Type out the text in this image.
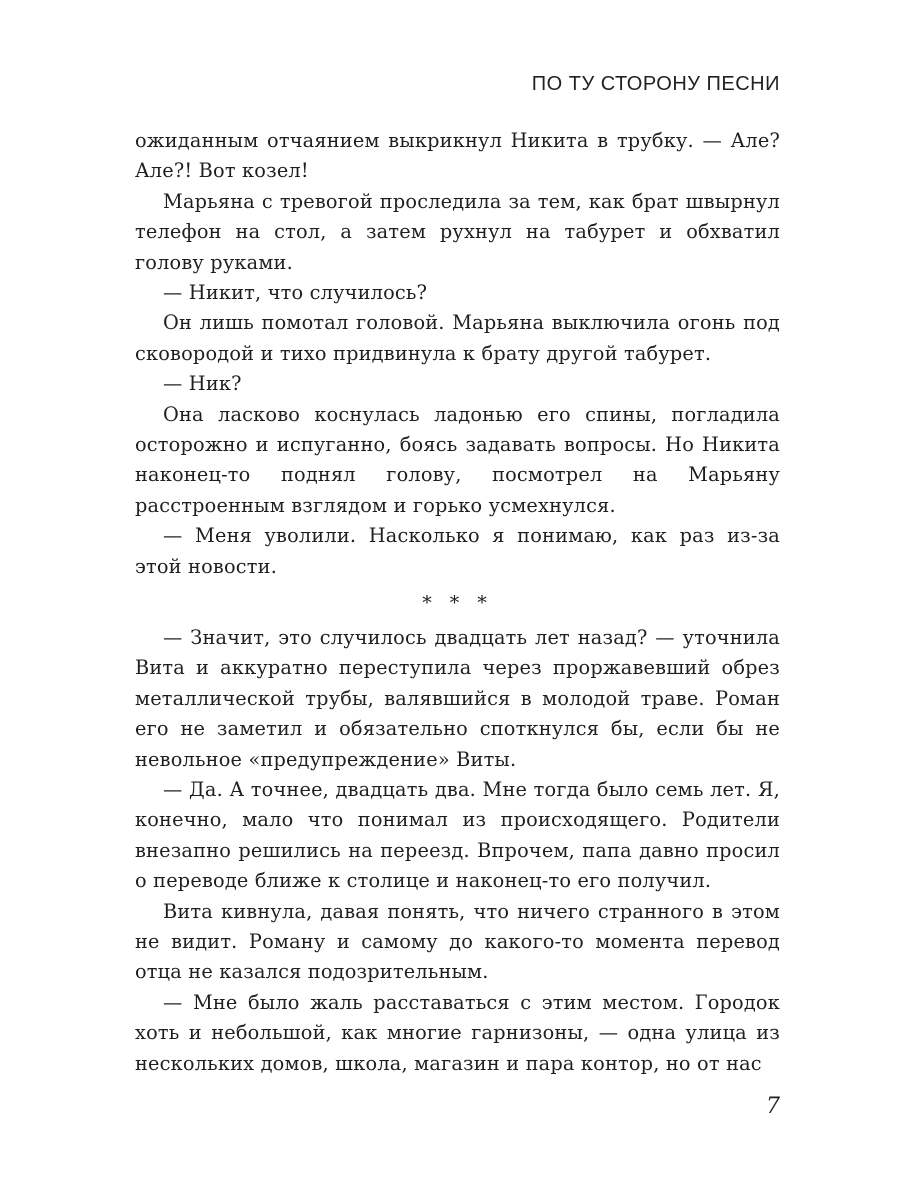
ПО ТУ СТОРОНУ ПЕСНИ

ожиданным отчаянием выкрикнул Никита в трубку. — Але? Але?! Вот козел!

Марьяна с тревогой проследила за тем, как брат швырнул телефон на стол, а затем рухнул на табурет и обхватил голову руками.

— Никит, что случилось?

Он лишь помотал головой. Марьяна выключила огонь под сковородой и тихо придвинула к брату другой табурет.

— Ник?

Она ласково коснулась ладонью его спины, погладила осторожно и испуганно, боясь задавать вопросы. Но Никита наконец-то поднял голову, посмотрел на Марьяну расстроенным взглядом и горько усмехнулся.

— Меня уволили. Насколько я понимаю, как раз из-за этой новости.

* * *

— Значит, это случилось двадцать лет назад? — уточнила Вита и аккуратно переступила через проржавевший обрез металлической трубы, валявшийся в молодой траве. Роман его не заметил и обязательно споткнулся бы, если бы не невольное «предупреждение» Виты.

— Да. А точнее, двадцать два. Мне тогда было семь лет. Я, конечно, мало что понимал из происходящего. Родители внезапно решились на переезд. Впрочем, папа давно просил о переводе ближе к столице и наконец-то его получил.

Вита кивнула, давая понять, что ничего странного в этом не видит. Роману и самому до какого-то момента перевод отца не казался подозрительным.

— Мне было жаль расставаться с этим местом. Городок хоть и небольшой, как многие гарнизоны, — одна улица из нескольких домов, школа, магазин и пара контор, но от нас

7
